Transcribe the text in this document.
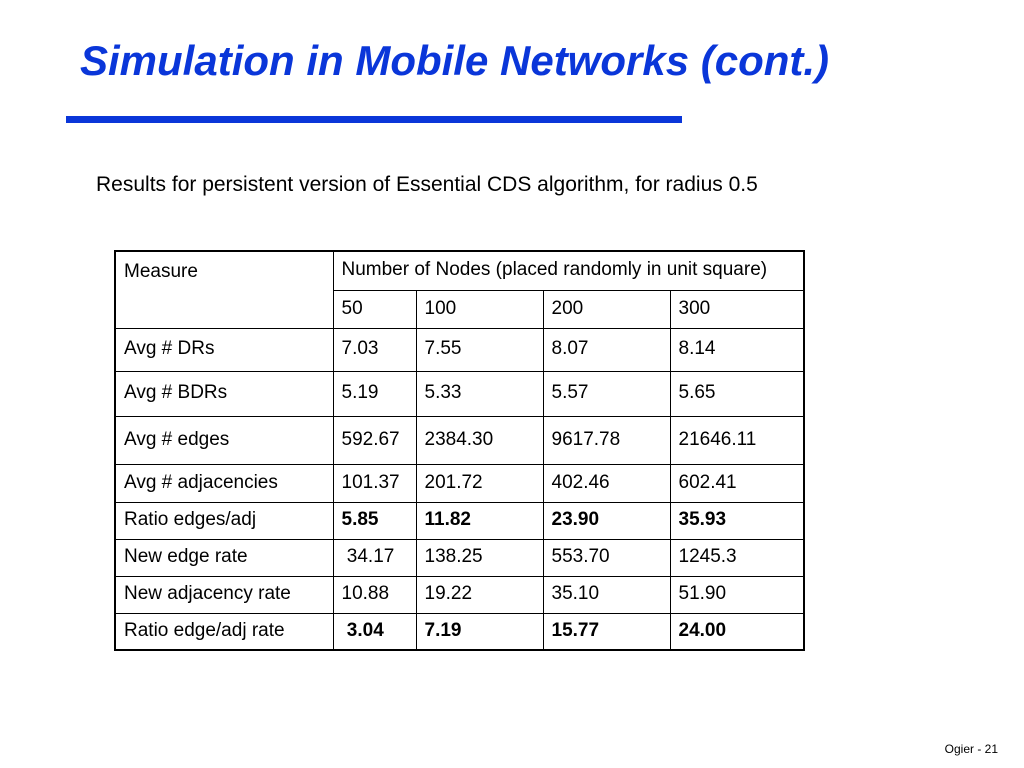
Simulation in Mobile Networks (cont.)
Results for persistent version of Essential CDS algorithm, for radius 0.5
Measure	Number of Nodes (placed randomly in unit square)			
	50	100	200	300
Avg # DRs	7.03	7.55	8.07	8.14
Avg # BDRs	5.19	5.33	5.57	5.65
Avg # edges	592.67	2384.30	9617.78	21646.11
Avg # adjacencies	101.37	201.72	402.46	602.41
Ratio edges/adj	5.85	11.82	23.90	35.93
New edge rate	34.17	138.25	553.70	1245.3
New adjacency rate	10.88	19.22	35.10	51.90
Ratio edge/adj rate	3.04	7.19	15.77	24.00
Ogier - 21
